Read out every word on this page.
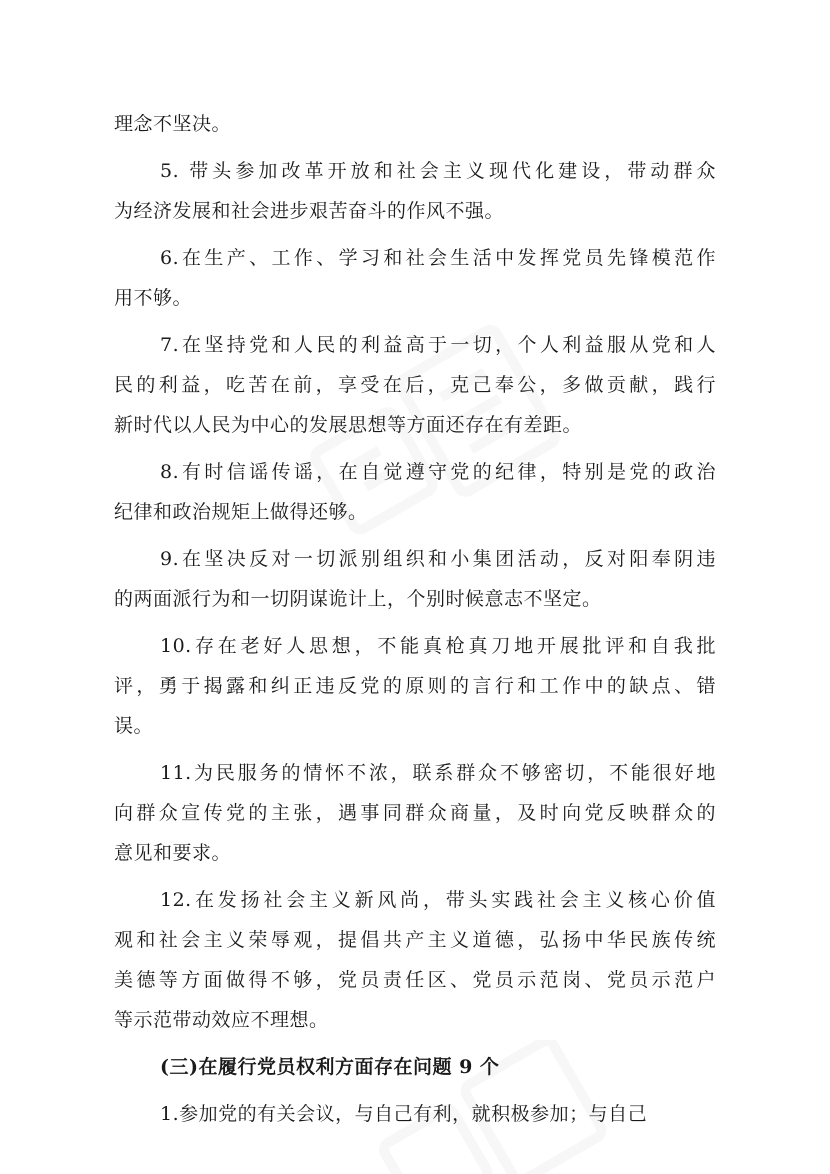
理念不坚决。
5. 带头参加改革开放和社会主义现代化建设，带动群众
为经济发展和社会进步艰苦奋斗的作风不强。
6.在生产、工作、学习和社会生活中发挥党员先锋模范作
用不够。
7.在坚持党和人民的利益高于一切，个人利益服从党和人
民的利益，吃苦在前，享受在后，克己奉公，多做贡献，践行
新时代以人民为中心的发展思想等方面还存在有差距。
8.有时信谣传谣，在自觉遵守党的纪律，特别是党的政治
纪律和政治规矩上做得还够。
9.在坚决反对一切派别组织和小集团活动，反对阳奉阴违
的两面派行为和一切阴谋诡计上，个别时候意志不坚定。
10.存在老好人思想，不能真枪真刀地开展批评和自我批
评，勇于揭露和纠正违反党的原则的言行和工作中的缺点、错
误。
11.为民服务的情怀不浓，联系群众不够密切，不能很好地
向群众宣传党的主张，遇事同群众商量，及时向党反映群众的
意见和要求。
12.在发扬社会主义新风尚，带头实践社会主义核心价值
观和社会主义荣辱观，提倡共产主义道德，弘扬中华民族传统
美德等方面做得不够，党员责任区、党员示范岗、党员示范户
等示范带动效应不理想。
(三)在履行党员权利方面存在问题 9 个
1.参加党的有关会议，与自己有利，就积极参加；与自己
